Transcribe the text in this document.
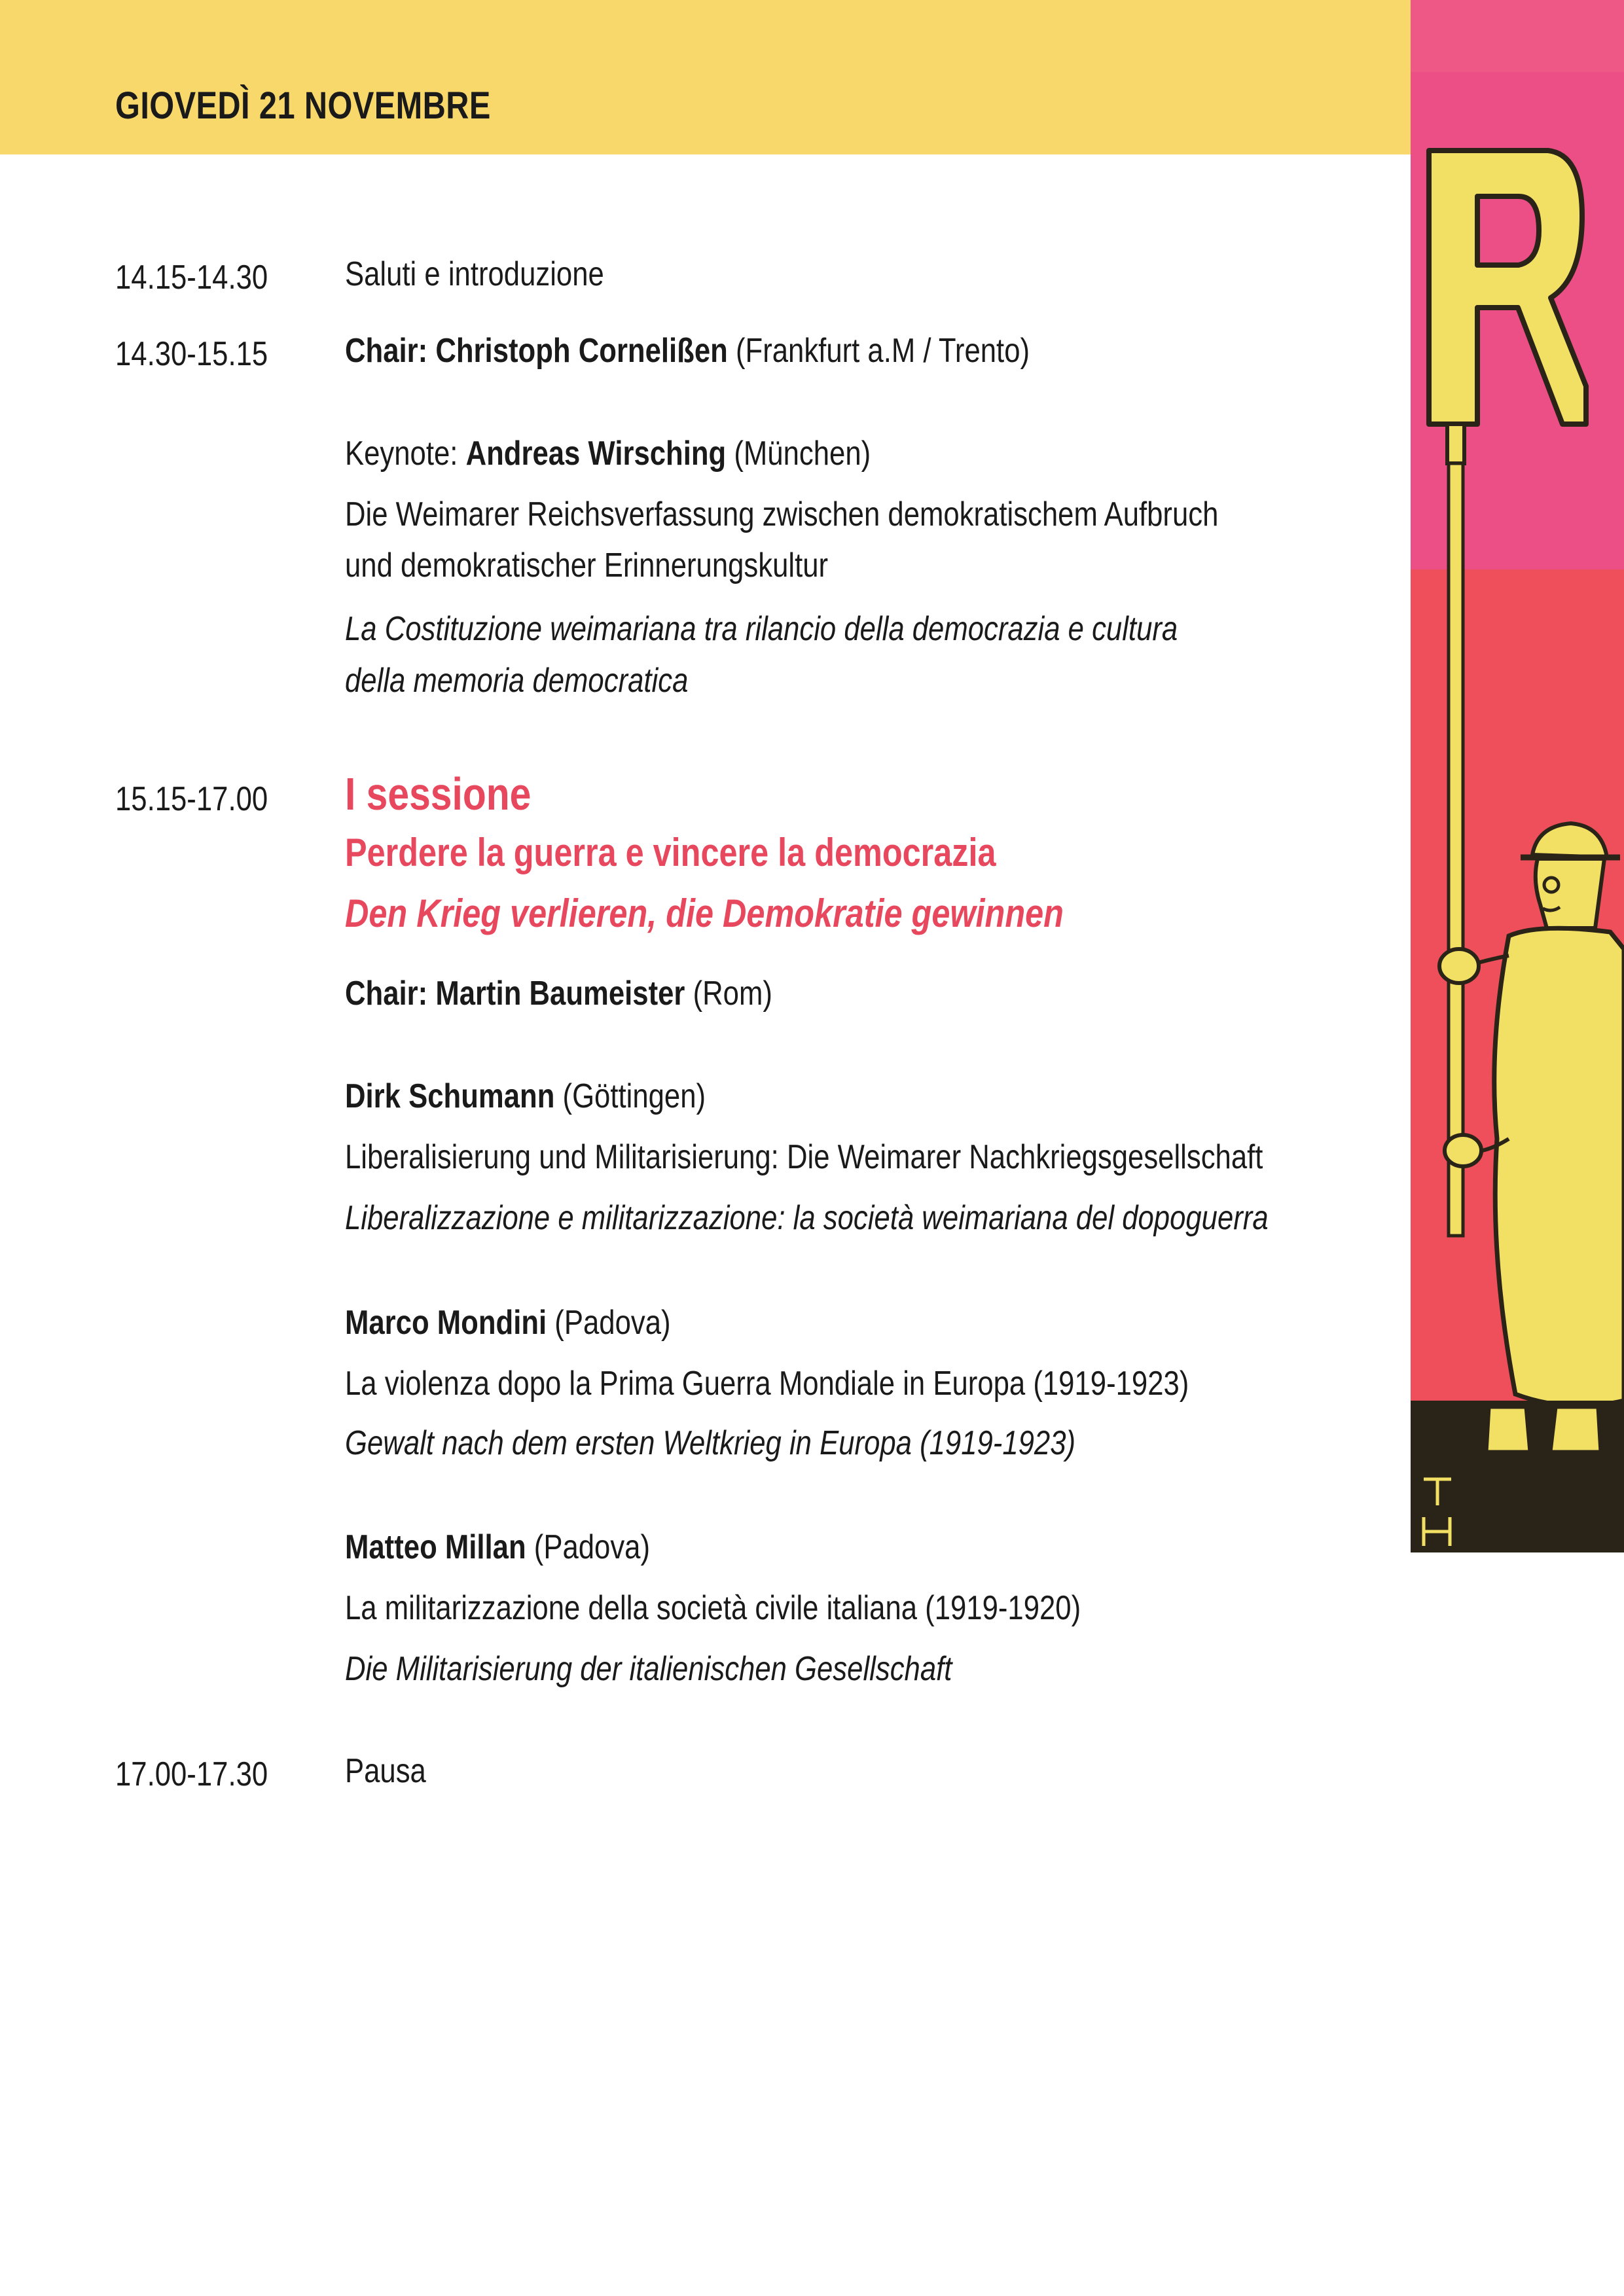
GIOVEDÌ 21 NOVEMBRE
14.15-14.30 Saluti e introduzione
14.30-15.15 Chair: Christoph Cornelißen (Frankfurt a.M / Trento)
Keynote: Andreas Wirsching (München)
Die Weimarer Reichsverfassung zwischen demokratischem Aufbruch
und demokratischer Erinnerungskultur
La Costituzione weimariana tra rilancio della democrazia e cultura
della memoria democratica
15.15-17.00 I sessione
Perdere la guerra e vincere la democrazia
Den Krieg verlieren, die Demokratie gewinnen
Chair: Martin Baumeister (Rom)
Dirk Schumann (Göttingen)
Liberalisierung und Militarisierung: Die Weimarer Nachkriegsgesellschaft
Liberalizzazione e militarizzazione: la società weimariana del dopoguerra
Marco Mondini (Padova)
La violenza dopo la Prima Guerra Mondiale in Europa (1919-1923)
Gewalt nach dem ersten Weltkrieg in Europa (1919-1923)
Matteo Millan (Padova)
La militarizzazione della società civile italiana (1919-1920)
Die Militarisierung der italienischen Gesellschaft
17.00-17.30 Pausa
